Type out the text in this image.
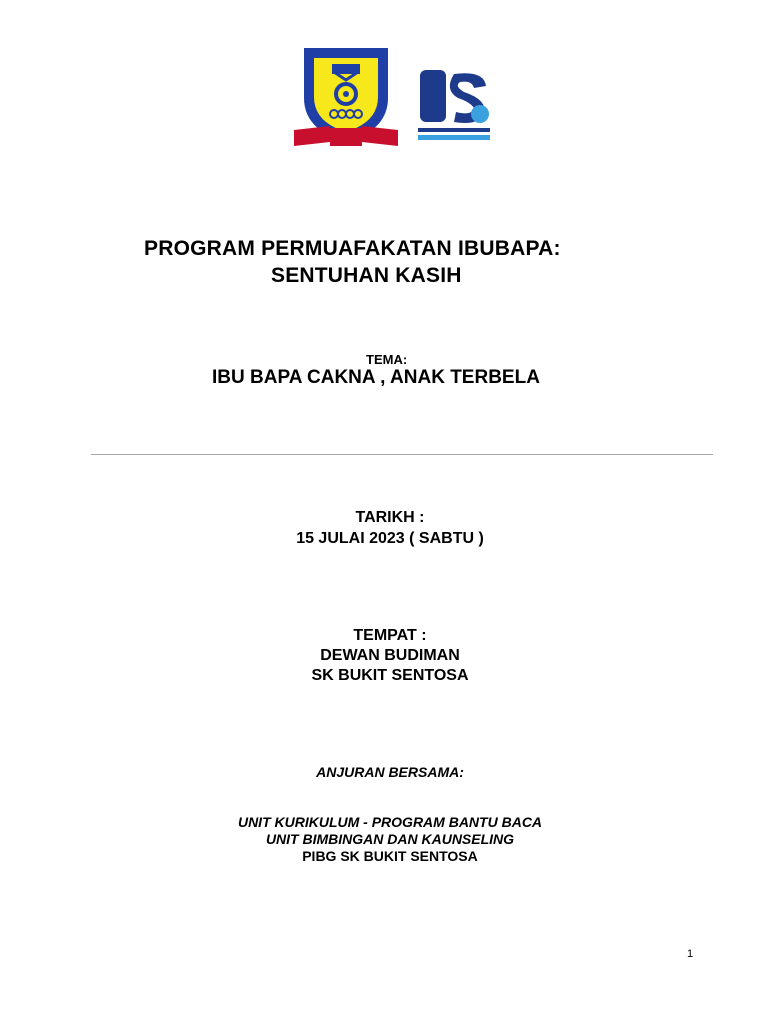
PROGRAM PERMUAFAKATAN IBUBAPA:
SENTUHAN KASIH
TEMA:
IBU BAPA CAKNA , ANAK TERBELA
TARIKH :
15 JULAI 2023 ( SABTU )
TEMPAT :
DEWAN BUDIMAN
SK BUKIT SENTOSA
ANJURAN BERSAMA:
UNIT KURIKULUM - PROGRAM BANTU BACA
UNIT BIMBINGAN DAN KAUNSELING
PIBG SK BUKIT SENTOSA
1
